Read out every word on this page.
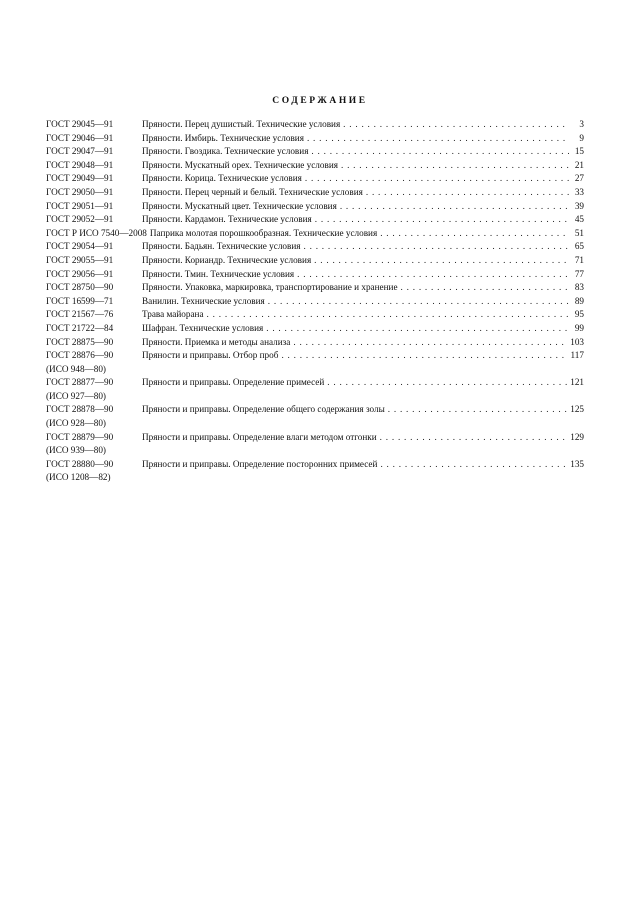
СОДЕРЖАНИЕ
ГОСТ 29045—91	Пряности. Перец душистый. Технические условия . . .	3
ГОСТ 29046—91	Пряности. Имбирь. Технические условия . . .	9
ГОСТ 29047—91	Пряности. Гвоздика. Технические условия . . .	15
ГОСТ 29048—91	Пряности. Мускатный орех. Технические условия . . .	21
ГОСТ 29049—91	Пряности. Корица. Технические условия . . .	27
ГОСТ 29050—91	Пряности. Перец черный и белый. Технические условия . . .	33
ГОСТ 29051—91	Пряности. Мускатный цвет. Технические условия . . .	39
ГОСТ 29052—91	Пряности. Кардамон. Технические условия . . .	45
ГОСТ Р ИСО 7540—2008 Паприка молотая порошкообразная. Технические условия . . .	51
ГОСТ 29054—91	Пряности. Бадьян. Технические условия . . .	65
ГОСТ 29055—91	Пряности. Кориандр. Технические условия . . .	71
ГОСТ 29056—91	Пряности. Тмин. Технические условия . . .	77
ГОСТ 28750—90	Пряности. Упаковка, маркировка, транспортирование и хранение . . .	83
ГОСТ 16599—71	Ванилин. Технические условия . . .	89
ГОСТ 21567—76	Трава майорана . . .	95
ГОСТ 21722—84	Шафран. Технические условия . . .	99
ГОСТ 28875—90	Пряности. Приемка и методы анализа . . .	103
ГОСТ 28876—90	Пряности и приправы. Отбор проб . . .	117
(ИСО 948—80)
ГОСТ 28877—90	Пряности и приправы. Определение примесей . . .	121
(ИСО 927—80)
ГОСТ 28878—90	Пряности и приправы. Определение общего содержания золы . . .	125
(ИСО 928—80)
ГОСТ 28879—90	Пряности и приправы. Определение влаги методом отгонки . . .	129
(ИСО 939—80)
ГОСТ 28880—90	Пряности и приправы. Определение посторонних примесей . . .	135
(ИСО 1208—82)
